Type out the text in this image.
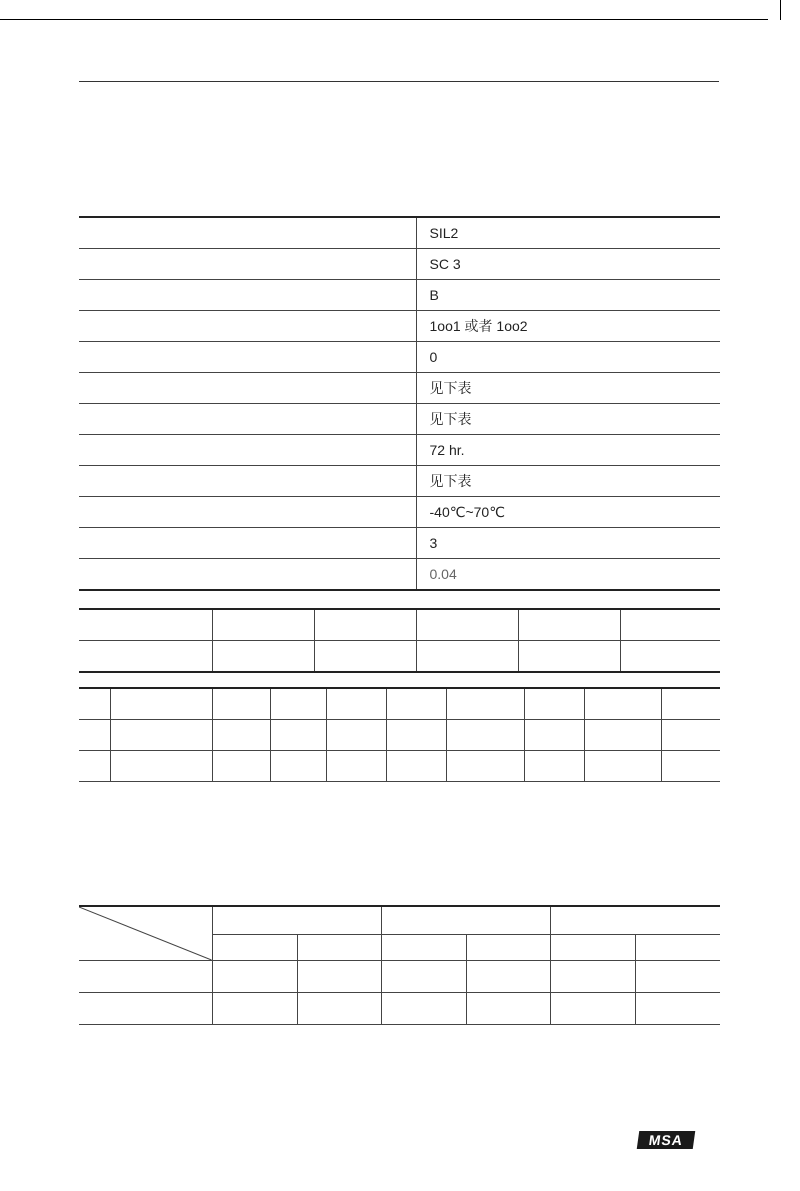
	SIL2
	SC 3
	B
	1oo1 或者 1oo2
	0
	见下表
	见下表
	72 hr.
	见下表
	-40℃~70℃
	3
	0.04

MSA
